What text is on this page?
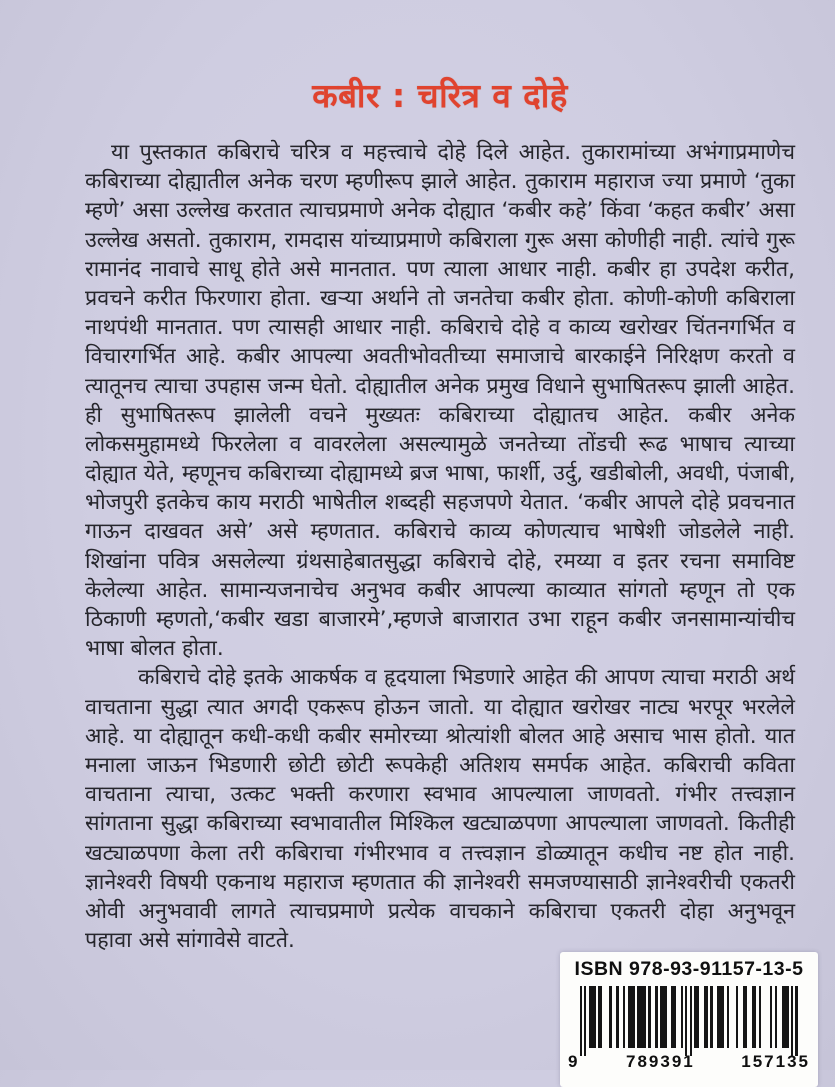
कबीर : चरित्र व दोहे
या पुस्तकात कबिराचे चरित्र व महत्त्वाचे दोहे दिले आहेत. तुकारामांच्या अभंगाप्रमाणेच
कबिराच्या दोह्यातील अनेक चरण म्हणीरूप झाले आहेत. तुकाराम महाराज ज्या प्रमाणे ‘तुका
म्हणे’ असा उल्लेख करतात त्याचप्रमाणे अनेक दोह्यात ‘कबीर कहे’ किंवा ‘कहत कबीर’ असा
उल्लेख असतो. तुकाराम, रामदास यांच्याप्रमाणे कबिराला गुरू असा कोणीही नाही. त्यांचे गुरू
रामानंद नावाचे साधू होते असे मानतात. पण त्याला आधार नाही. कबीर हा उपदेश करीत,
प्रवचने करीत फिरणारा होता. खऱ्या अर्थाने तो जनतेचा कबीर होता. कोणी-कोणी कबिराला
नाथपंथी मानतात. पण त्यासही आधार नाही. कबिराचे दोहे व काव्य खरोखर चिंतनगर्भित व
विचारगर्भित आहे. कबीर आपल्या अवतीभोवतीच्या समाजाचे बारकाईने निरिक्षण करतो व
त्यातूनच त्याचा उपहास जन्म घेतो. दोह्यातील अनेक प्रमुख विधाने सुभाषितरूप झाली आहेत.
ही सुभाषितरूप झालेली वचने मुख्यतः कबिराच्या दोह्यातच आहेत. कबीर अनेक
लोकसमुहामध्ये फिरलेला व वावरलेला असल्यामुळे जनतेच्या तोंडची रूढ भाषाच त्याच्या
दोह्यात येते, म्हणूनच कबिराच्या दोह्यामध्ये ब्रज भाषा, फार्शी, उर्दु, खडीबोली, अवधी, पंजाबी,
भोजपुरी इतकेच काय मराठी भाषेतील शब्दही सहजपणे येतात. ‘कबीर आपले दोहे प्रवचनात
गाऊन दाखवत असे’ असे म्हणतात. कबिराचे काव्य कोणत्याच भाषेशी जोडलेले नाही.
शिखांना पवित्र असलेल्या ग्रंथसाहेबातसुद्धा कबिराचे दोहे, रमय्या व इतर रचना समाविष्ट
केलेल्या आहेत. सामान्यजनाचेच अनुभव कबीर आपल्या काव्यात सांगतो म्हणून तो एक
ठिकाणी म्हणतो,‘कबीर खडा बाजारमे’,म्हणजे बाजारात उभा राहून कबीर जनसामान्यांचीच
भाषा बोलत होता.
कबिराचे दोहे इतके आकर्षक व हृदयाला भिडणारे आहेत की आपण त्याचा मराठी अर्थ
वाचताना सुद्धा त्यात अगदी एकरूप होऊन जातो. या दोह्यात खरोखर नाट्य भरपूर भरलेले
आहे. या दोह्यातून कधी-कधी कबीर समोरच्या श्रोत्यांशी बोलत आहे असाच भास होतो. यात
मनाला जाऊन भिडणारी छोटी छोटी रूपकेही अतिशय समर्पक आहेत. कबिराची कविता
वाचताना त्याचा, उत्कट भक्ती करणारा स्वभाव आपल्याला जाणवतो. गंभीर तत्त्वज्ञान
सांगताना सुद्धा कबिराच्या स्वभावातील मिश्किल खट्याळपणा आपल्याला जाणवतो. कितीही
खट्याळपणा केला तरी कबिराचा गंभीरभाव व तत्त्वज्ञान डोळ्यातून कधीच नष्ट होत नाही.
ज्ञानेश्वरी विषयी एकनाथ महाराज म्हणतात की ज्ञानेश्वरी समजण्यासाठी ज्ञानेश्वरीची एकतरी
ओवी अनुभवावी लागते त्याचप्रमाणे प्रत्येक वाचकाने कबिराचा एकतरी दोहा अनुभवून
पहावा असे सांगावेसे वाटते.
ISBN 978-93-91157-13-5
9	789391	157135
